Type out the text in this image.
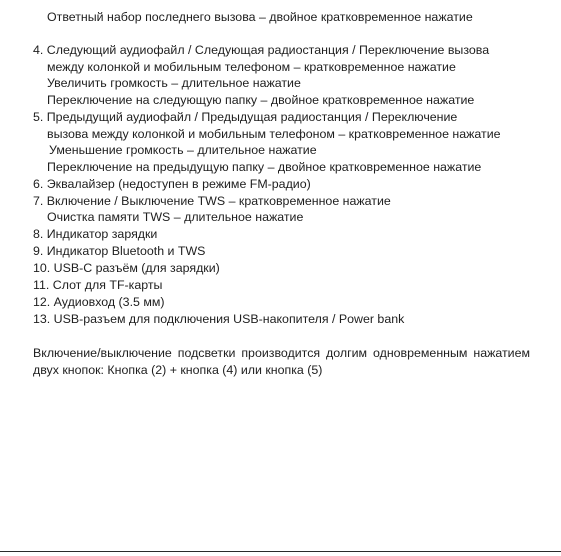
Ответный набор последнего вызова – двойное кратковременное нажатие
4. Следующий аудиофайл / Следующая радиостанция / Переключение вызова
между колонкой и мобильным телефоном – кратковременное нажатие
Увеличить громкость – длительное нажатие
Переключение на следующую папку – двойное кратковременное нажатие
5. Предыдущий аудиофайл / Предыдущая радиостанция / Переключение
вызова между колонкой и мобильным телефоном – кратковременное нажатие
Уменьшение громкость – длительное нажатие
Переключение на предыдущую папку – двойное кратковременное нажатие
6. Эквалайзер (недоступен в режиме FM-радио)
7. Включение / Выключение TWS – кратковременное нажатие
Очистка памяти TWS – длительное нажатие
8. Индикатор зарядки
9. Индикатор Bluetooth и TWS
10. USB-C разъём (для зарядки)
11. Слот для TF-карты
12. Аудиовход (3.5 мм)
13. USB-разъем для подключения USB-накопителя / Power bank
Включение/выключение подсветки производится долгим одновременным нажатием двух кнопок: Кнопка (2) + кнопка (4) или кнопка (5)
